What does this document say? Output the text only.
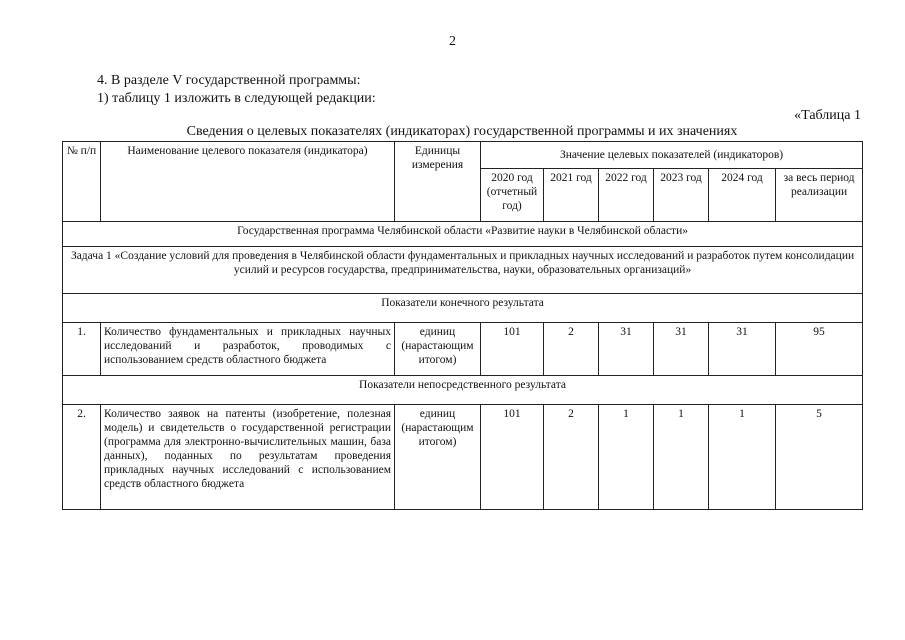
2
4. В разделе V государственной программы:
1) таблицу 1 изложить в следующей редакции:
«Таблица 1
Сведения о целевых показателях (индикаторах) государственной программы и их значениях
№ п/п	Наименование целевого показателя (индикатора)	Единицы измерения	Значение целевых показателей (индикаторов)					
			2020 год (отчетный год)	2021 год	2022 год	2023 год	2024 год	за весь период реализации
Государственная программа Челябинской области «Развитие науки в Челябинской области»								
Задача 1 «Создание условий для проведения в Челябинской области фундаментальных и прикладных научных исследований и разработок путем консолидации усилий и ресурсов государства, предпринимательства, науки, образовательных организаций»								
Показатели конечного результата								
1.	Количество фундаментальных и прикладных научных исследований и разработок, проводимых с использованием средств областного бюджета	единиц (нарастающим итогом)	101	2	31	31	31	95
Показатели непосредственного результата								
2.	Количество заявок на патенты (изобретение, полезная модель) и свидетельств о государственной регистрации (программа для электронно-вычислительных машин, база данных), поданных по результатам проведения прикладных научных исследований с использованием средств областного бюджета	единиц (нарастающим итогом)	101	2	1	1	1	5
